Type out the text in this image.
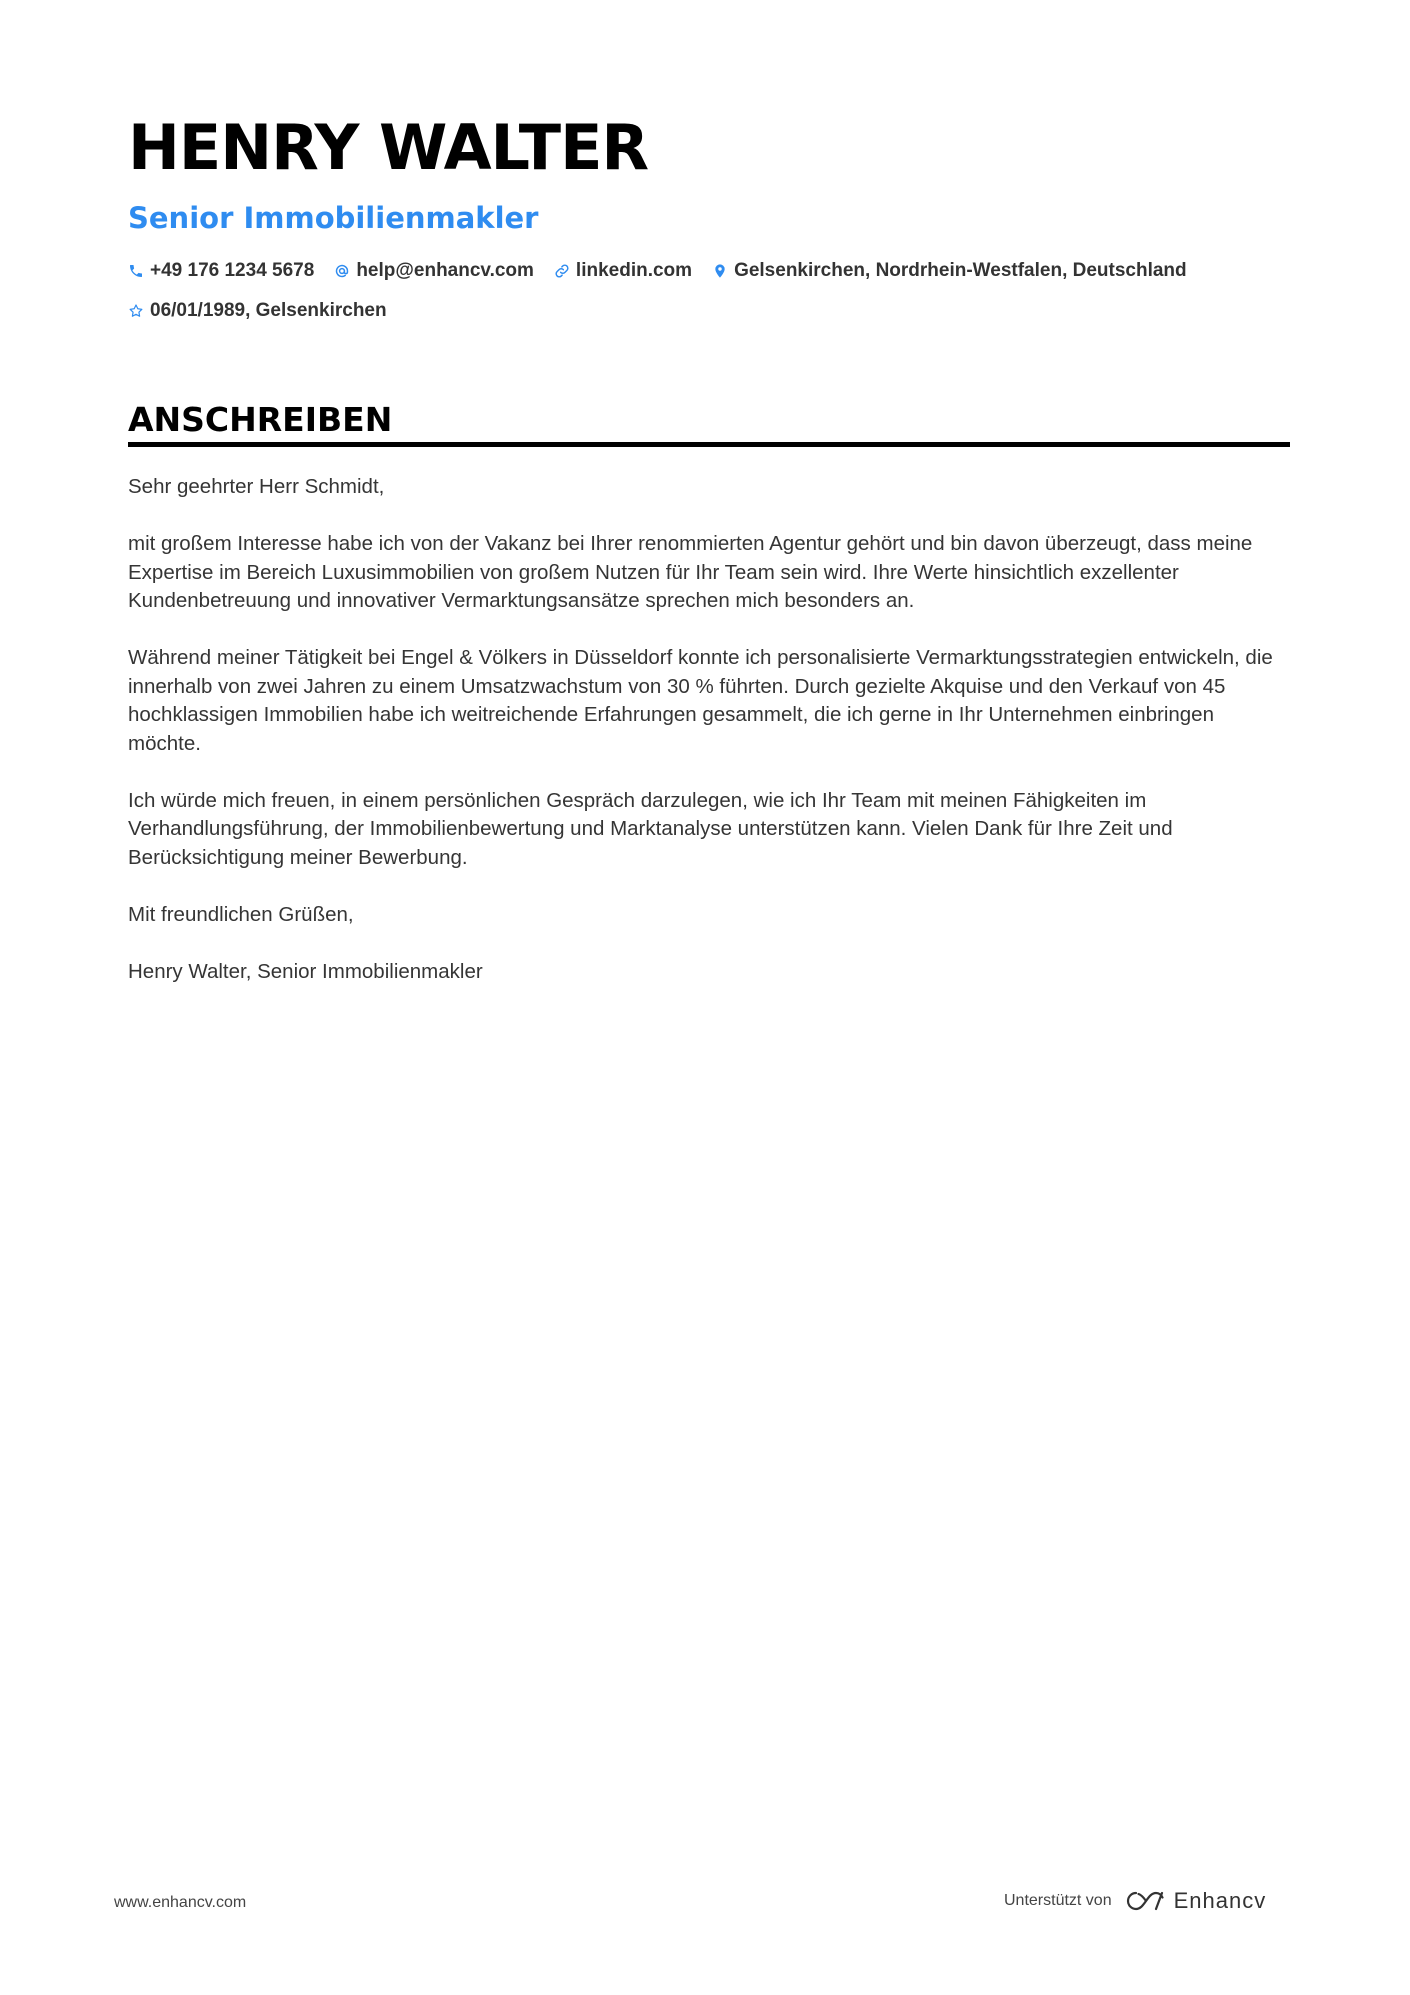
HENRY WALTER
Senior Immobilienmakler
+49 176 1234 5678 help@enhancv.com linkedin.com Gelsenkirchen, Nordrhein-Westfalen, Deutschland
06/01/1989, Gelsenkirchen
ANSCHREIBEN

Sehr geehrter Herr Schmidt,

mit großem Interesse habe ich von der Vakanz bei Ihrer renommierten Agentur gehört und bin davon überzeugt, dass meine Expertise im Bereich Luxusimmobilien von großem Nutzen für Ihr Team sein wird. Ihre Werte hinsichtlich exzellenter Kundenbetreuung und innovativer Vermarktungsansätze sprechen mich besonders an.

Während meiner Tätigkeit bei Engel & Völkers in Düsseldorf konnte ich personalisierte Vermarktungsstrategien entwickeln, die innerhalb von zwei Jahren zu einem Umsatzwachstum von 30 % führten. Durch gezielte Akquise und den Verkauf von 45 hochklassigen Immobilien habe ich weitreichende Erfahrungen gesammelt, die ich gerne in Ihr Unternehmen einbringen möchte.

Ich würde mich freuen, in einem persönlichen Gespräch darzulegen, wie ich Ihr Team mit meinen Fähigkeiten im Verhandlungsführung, der Immobilienbewertung und Marktanalyse unterstützen kann. Vielen Dank für Ihre Zeit und Berücksichtigung meiner Bewerbung.

Mit freundlichen Grüßen,

Henry Walter, Senior Immobilienmakler

www.enhancv.com	Unterstützt von	Enhancv
